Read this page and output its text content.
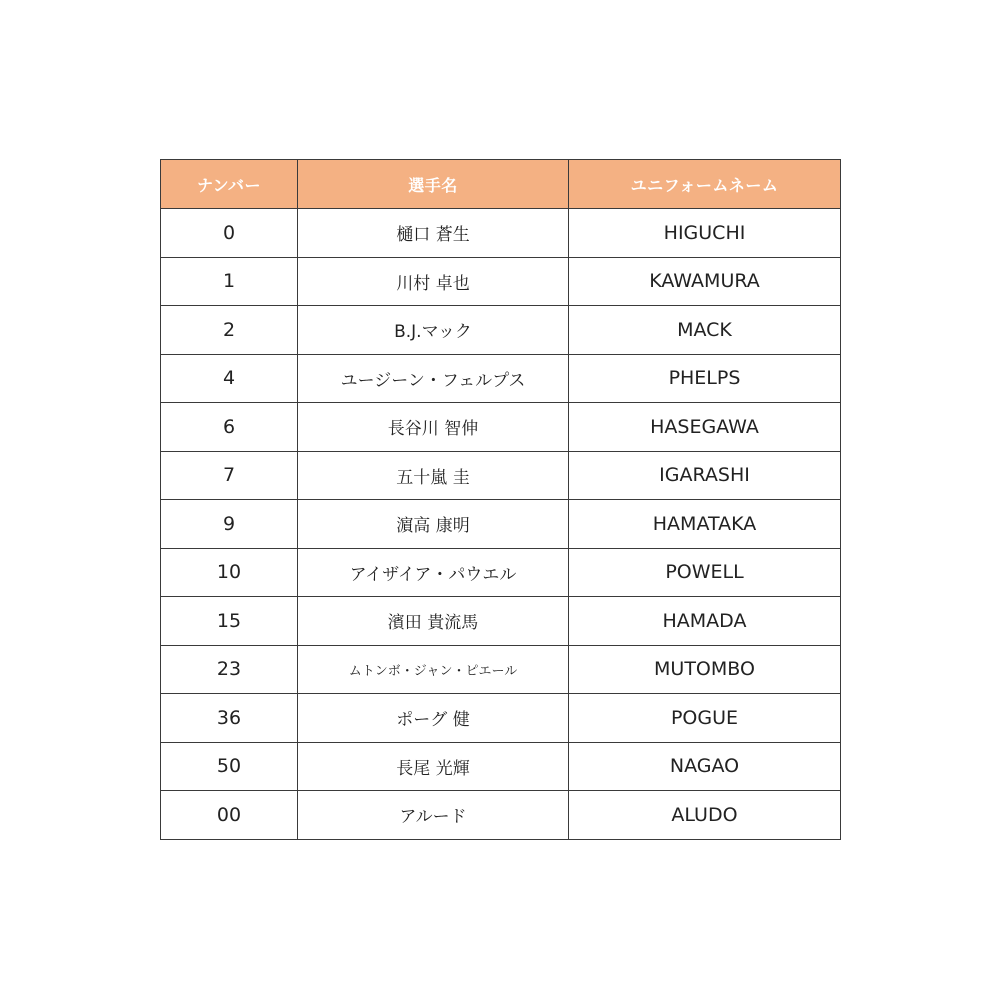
ナンバー	選手名	ユニフォームネーム
0	樋口 蒼生	HIGUCHI
1	川村 卓也	KAWAMURA
2	B.J.マック	MACK
4	ユージーン・フェルプス	PHELPS
6	長谷川 智伸	HASEGAWA
7	五十嵐 圭	IGARASHI
9	濵高 康明	HAMATAKA
10	アイザイア・パウエル	POWELL
15	濱田 貴流馬	HAMADA
23	ムトンボ・ジャン・ピエール	MUTOMBO
36	ポーグ 健	POGUE
50	長尾 光輝	NAGAO
00	アルード	ALUDO
